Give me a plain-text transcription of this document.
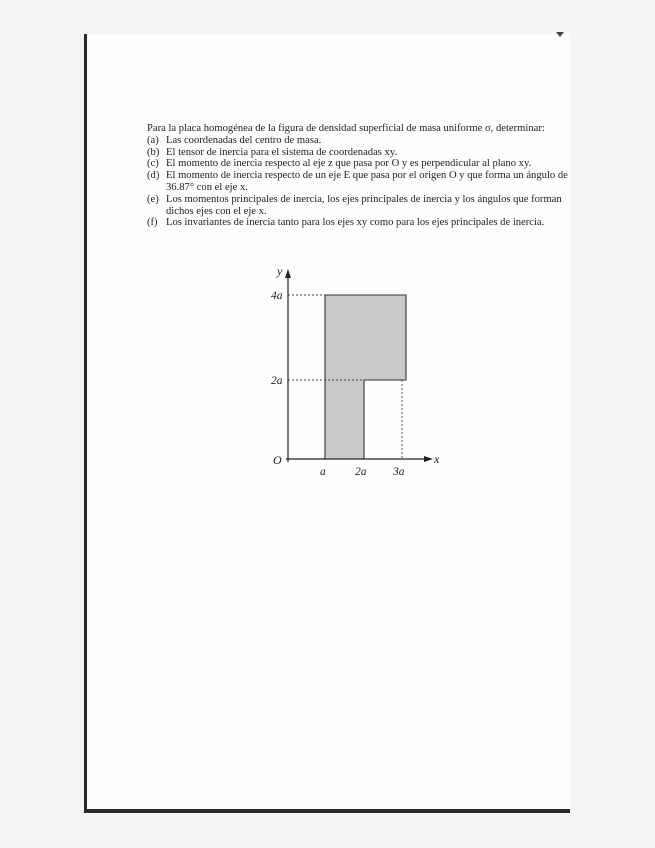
Para la placa homogénea de la figura de densidad superficial de masa uniforme σ, determinar:
(a) Las coordenadas del centro de masa.
(b) El tensor de inercia para el sistema de coordenadas xy.
(c) El momento de inercia respecto al eje z que pasa por O y es perpendicular al plano xy.
(d) El momento de inercia respecto de un eje E que pasa por el origen O y que forma un ángulo de
36.87° con el eje x.
(e) Los momentos principales de inercia, los ejes principales de inercia y los ángulos que forman
dichos ejes con el eje x.
(f) Los invariantes de inercia tanto para los ejes xy como para los ejes principales de inercia.
y
x
O
4a
2a
a	2a 3a
